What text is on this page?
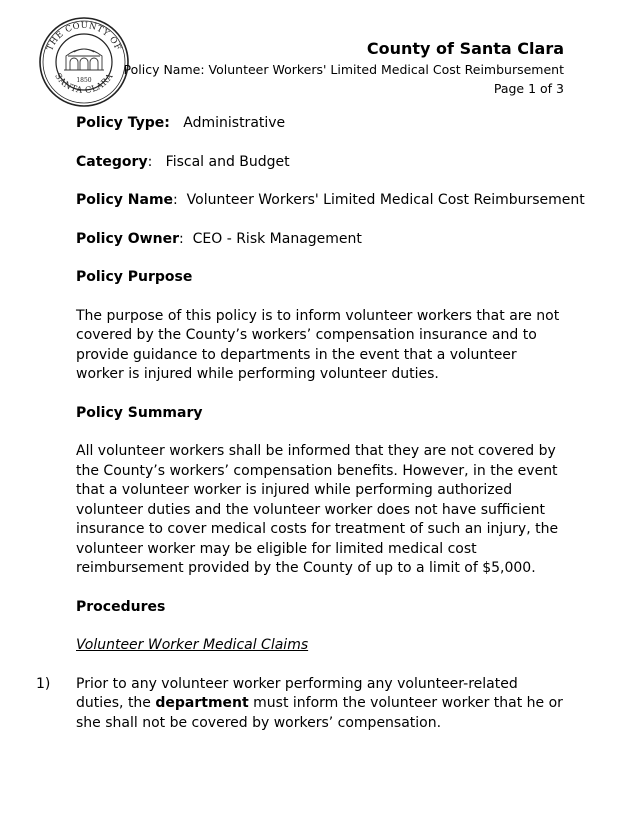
THE COUNTY OF
SANTA CLARA
1850
County of Santa Clara
Policy Name: Volunteer Workers' Limited Medical Cost Reimbursement
Page 1 of 3
Policy Type: Administrative
Category:   Fiscal and Budget
Policy Name:  Volunteer Workers' Limited Medical Cost Reimbursement
Policy Owner:  CEO - Risk Management
Policy Purpose

The purpose of this policy is to inform volunteer workers that are not covered by the County’s workers’ compensation insurance and to provide guidance to departments in the event that a volunteer worker is injured while performing volunteer duties.

Policy Summary

All volunteer workers shall be informed that they are not covered by the County’s workers’ compensation benefits. However, in the event that a volunteer worker is injured while performing authorized volunteer duties and the volunteer worker does not have sufficient insurance to cover medical costs for treatment of such an injury, the volunteer worker may be eligible for limited medical cost reimbursement provided by the County of up to a limit of $5,000.

Procedures
Volunteer Worker Medical Claims
1) Prior to any volunteer worker performing any volunteer-related duties, the department must inform the volunteer worker that he or she shall not be covered by workers’ compensation.
